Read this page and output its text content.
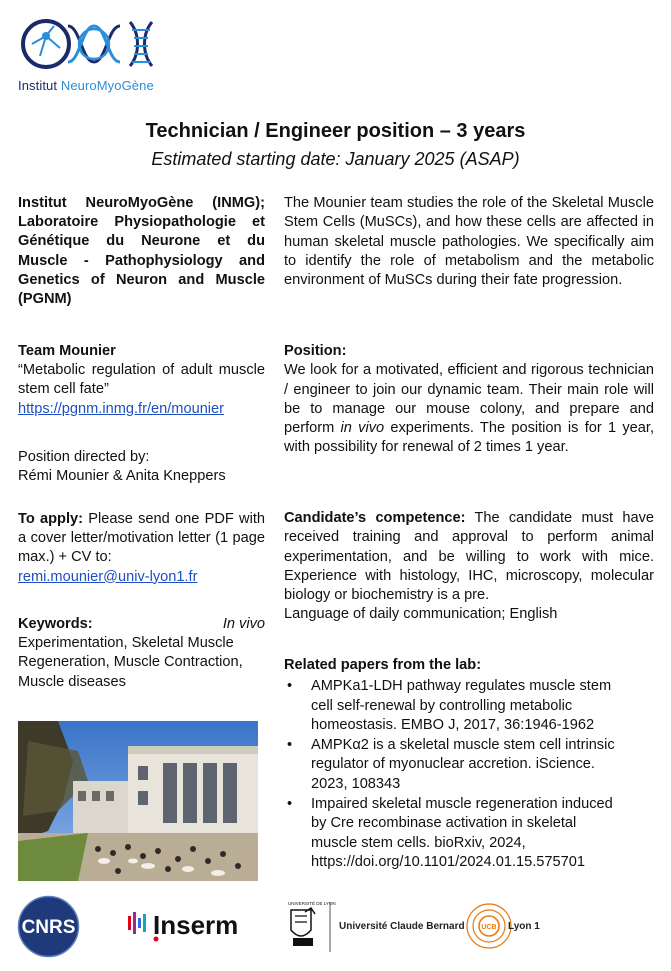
Institut NeuroMyoGène
Technician / Engineer position – 3 years
Estimated starting date: January 2025 (ASAP)

Institut NeuroMyoGène (INMG); Laboratoire Physiopathologie et Génétique du Neurone et du Muscle - Pathophysiology and Genetics of Neuron and Muscle (PGNM)

Team Mounier

“Metabolic regulation of adult muscle stem cell fate”

https://pgnm.inmg.fr/en/mounier

Position directed by:

Rémi Mounier & Anita Kneppers

To apply: Please send one PDF with a cover letter/motivation letter (1 page max.) + CV to:

remi.mounier@univ-lyon1.fr

Keywords:	In vivo

Experimentation, Skeletal Muscle Regeneration, Muscle Contraction, Muscle diseases

The Mounier team studies the role of the Skeletal Muscle Stem Cells (MuSCs), and how these cells are affected in human skeletal muscle pathologies. We specifically aim to identify the role of metabolism and the metabolic environment of MuSCs during their fate progression.

Position:

We look for a motivated, efficient and rigorous technician / engineer to join our dynamic team. Their main role will be to manage our mouse colony, and prepare and perform in vivo experiments. The position is for 1 year, with possibility for renewal of 2 times 1 year.

Candidate’s competence: The candidate must have received training and approval to perform animal experimentation, and be willing to work with mice. Experience with histology, IHC, microscopy, molecular biology or biochemistry is a pre.

Language of daily communication; English

Related papers from the lab:

• AMPKa1-LDH pathway regulates muscle stem cell self-renewal by controlling metabolic homeostasis. EMBO J, 2017, 36:1946-1962
• AMPKα2 is a skeletal muscle stem cell intrinsic regulator of myonuclear accretion. iScience. 2023, 108343
• Impaired skeletal muscle regeneration induced by Cre recombinase activation in skeletal muscle stem cells. bioRxiv, 2024, https://doi.org/10.1101/2024.01.15.575701
CNRS	Inserm
UNIVERSITÉ DE LYON
Université Claude Bernard UCB Lyon 1
